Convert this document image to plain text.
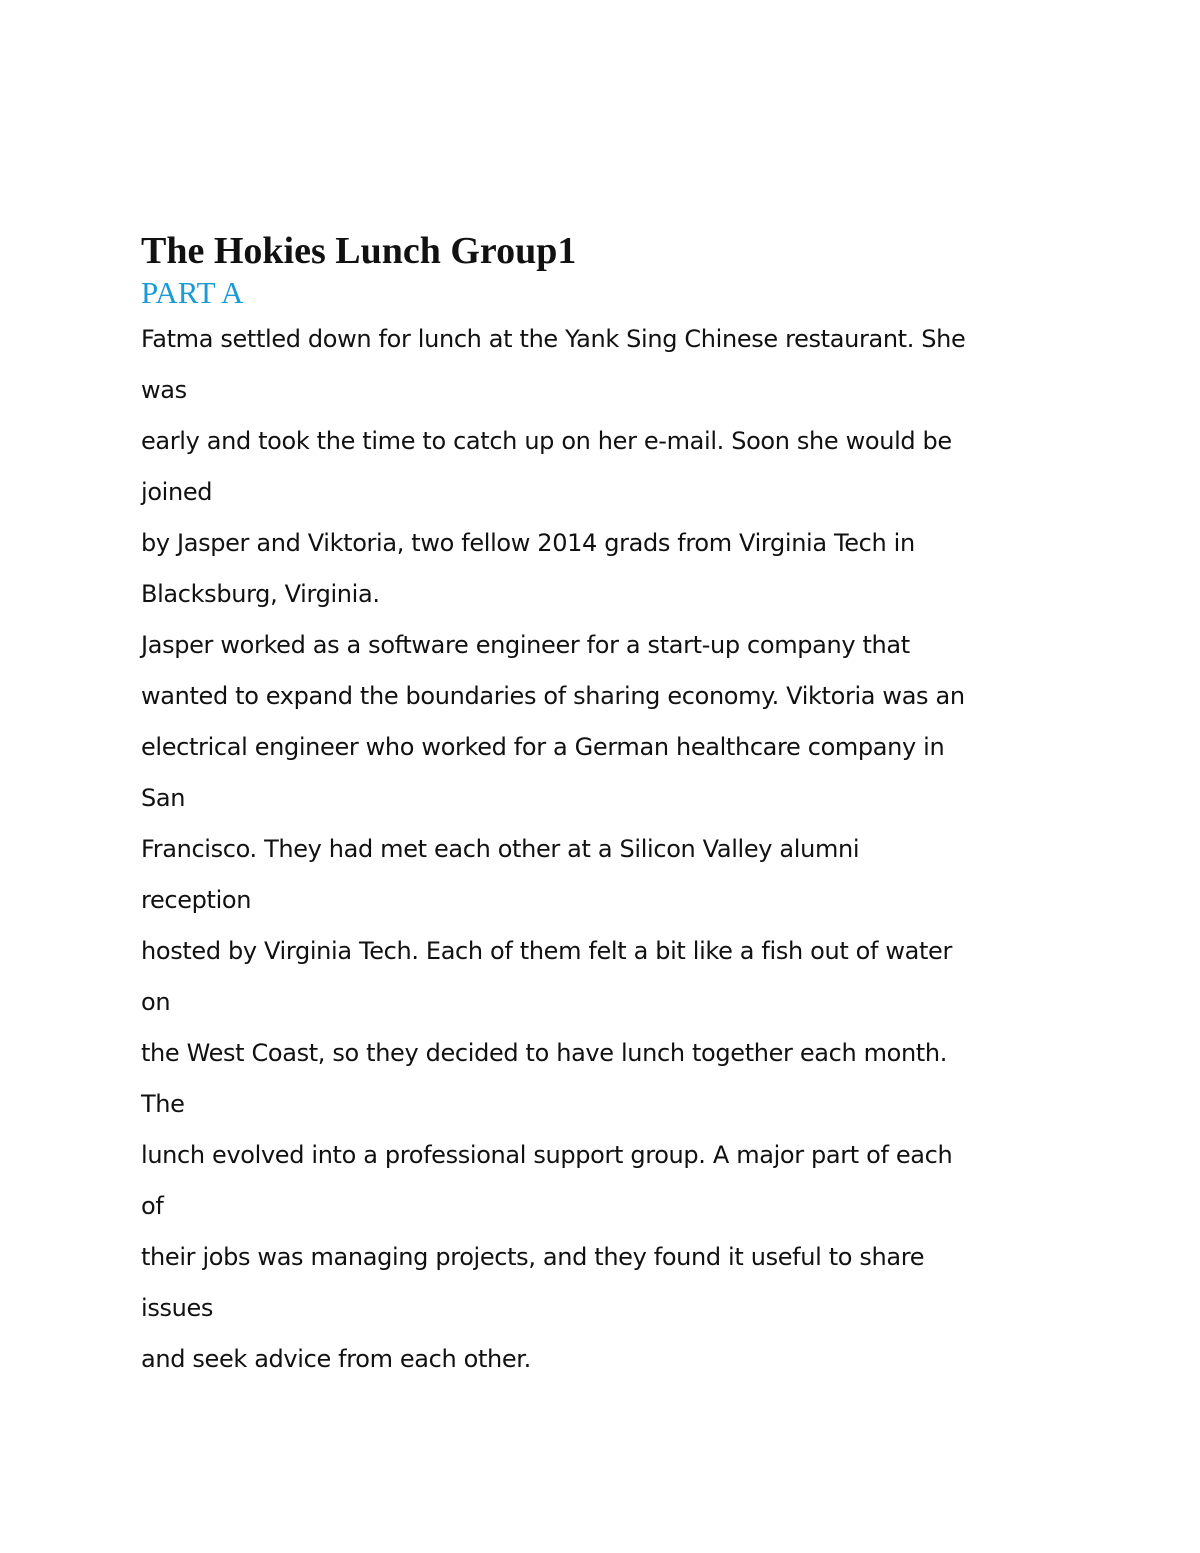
The Hokies Lunch Group1
PART A
Fatma settled down for lunch at the Yank Sing Chinese restaurant. She
was
early and took the time to catch up on her e-mail. Soon she would be
joined
by Jasper and Viktoria, two fellow 2014 grads from Virginia Tech in
Blacksburg, Virginia.
Jasper worked as a software engineer for a start-up company that
wanted to expand the boundaries of sharing economy. Viktoria was an
electrical engineer who worked for a German healthcare company in
San
Francisco. They had met each other at a Silicon Valley alumni
reception
hosted by Virginia Tech. Each of them felt a bit like a fish out of water
on
the West Coast, so they decided to have lunch together each month.
The
lunch evolved into a professional support group. A major part of each
of
their jobs was managing projects, and they found it useful to share
issues
and seek advice from each other.
